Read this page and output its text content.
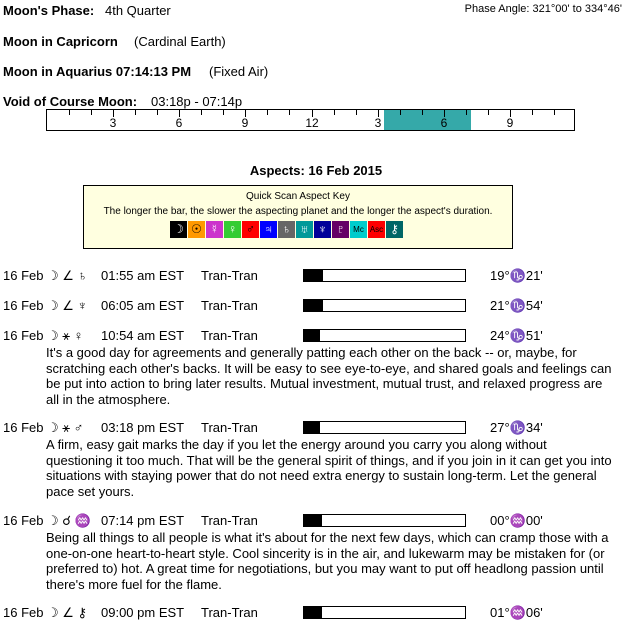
Moon's Phase: 4th Quarter	Phase Angle: 321°00' to 334°46'
Moon in Capricorn (Cardinal Earth)
Moon in Aquarius 07:14:13 PM (Fixed Air)
Void of Course Moon: 03:18p - 07:14p
3	6	9	12	3	6	9
Aspects: 16 Feb 2015
Quick Scan Aspect Key
The longer the bar, the slower the aspecting planet and the longer the aspect's duration.
☽ ☉ ☿ ♀ ♂ ♃ ♄ ♅ ♆ ♇	Mc Asc ⚷
16 Feb ☽ ∠ ♄ 01:55 am EST Tran-Tran	19°♑21'
16 Feb ☽ ∠ ♆ 06:05 am EST Tran-Tran	21°♑54'
16 Feb ☽ ⚹ ♀ 10:54 am EST Tran-Tran	24°♑51'
It's a good day for agreements and generally patting each other on the back -- or, maybe, for scratching each other's backs. It will be easy to see eye-to-eye, and shared goals and feelings can be put into action to bring later results. Mutual investment, mutual trust, and relaxed progress are all in the atmosphere.
16 Feb ☽ ⚹ ♂ 03:18 pm EST Tran-Tran	27°♑34'
A firm, easy gait marks the day if you let the energy around you carry you along without questioning it too much. That will be the general spirit of things, and if you join in it can get you into situations with staying power that do not need extra energy to sustain long-term. Let the general pace set yours.
16 Feb ☽ ☌ ♒ 07:14 pm EST Tran-Tran	00°♒00'
Being all things to all people is what it's about for the next few days, which can cramp those with a one-on-one heart-to-heart style. Cool sincerity is in the air, and lukewarm may be mistaken for (or preferred to) hot. A great time for negotiations, but you may want to put off headlong passion until there's more fuel for the flame.
16 Feb ☽ ∠ ⚷ 09:00 pm EST Tran-Tran	01°♒06'
